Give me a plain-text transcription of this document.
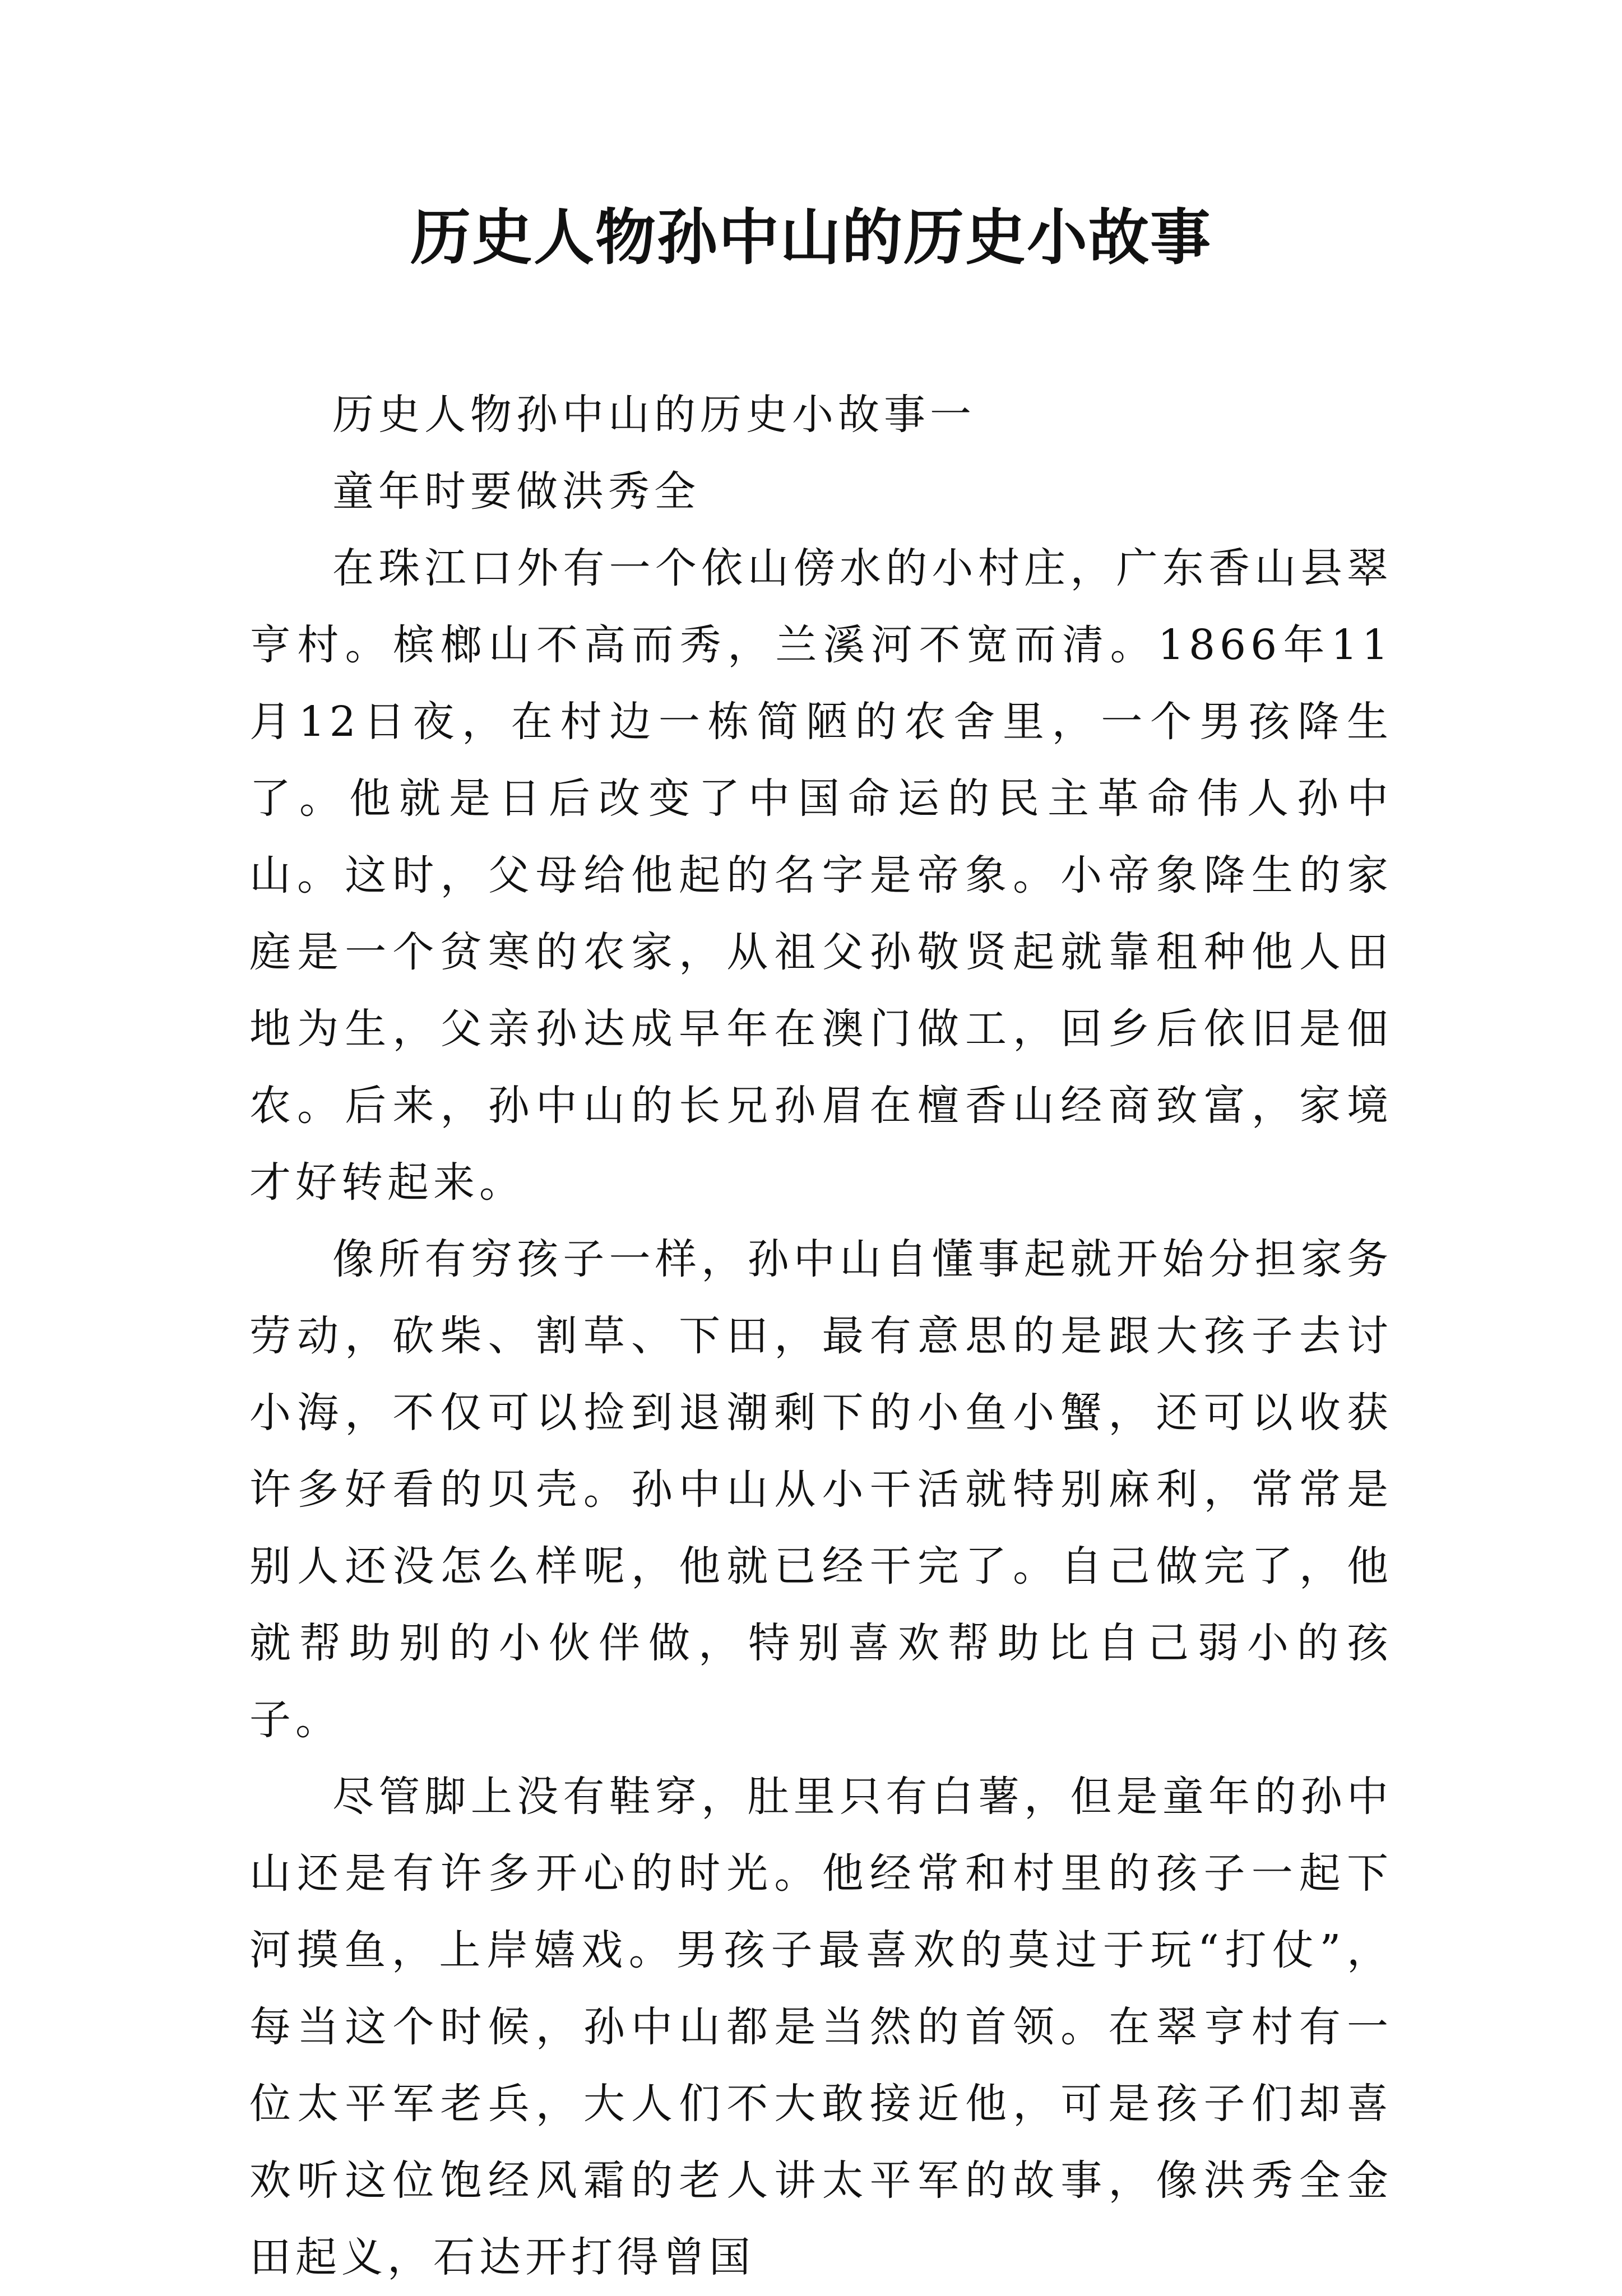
历史人物孙中山的历史小故事

历史人物孙中山的历史小故事一

童年时要做洪秀全

在珠江口外有一个依山傍水的小村庄，广东香山县翠亨村。槟榔山不高而秀，兰溪河不宽而清。1866年11月12日夜，在村边一栋简陋的农舍里，一个男孩降生了。他就是日后改变了中国命运的民主革命伟人孙中山。这时，父母给他起的名字是帝象。小帝象降生的家庭是一个贫寒的农家，从祖父孙敬贤起就靠租种他人田地为生，父亲孙达成早年在澳门做工，回乡后依旧是佃农。后来，孙中山的长兄孙眉在檀香山经商致富，家境才好转起来。

像所有穷孩子一样，孙中山自懂事起就开始分担家务劳动，砍柴、割草、下田，最有意思的是跟大孩子去讨小海，不仅可以捡到退潮剩下的小鱼小蟹，还可以收获许多好看的贝壳。孙中山从小干活就特别麻利，常常是别人还没怎么样呢，他就已经干完了。自己做完了，他就帮助别的小伙伴做，特别喜欢帮助比自己弱小的孩子。

尽管脚上没有鞋穿，肚里只有白薯，但是童年的孙中山还是有许多开心的时光。他经常和村里的孩子一起下河摸鱼，上岸嬉戏。男孩子最喜欢的莫过于玩“打仗”，每当这个时候，孙中山都是当然的首领。在翠亨村有一位太平军老兵，大人们不大敢接近他，可是孩子们却喜欢听这位饱经风霜的老人讲太平军的故事，像洪秀全金田起义，石达开打得曾国
